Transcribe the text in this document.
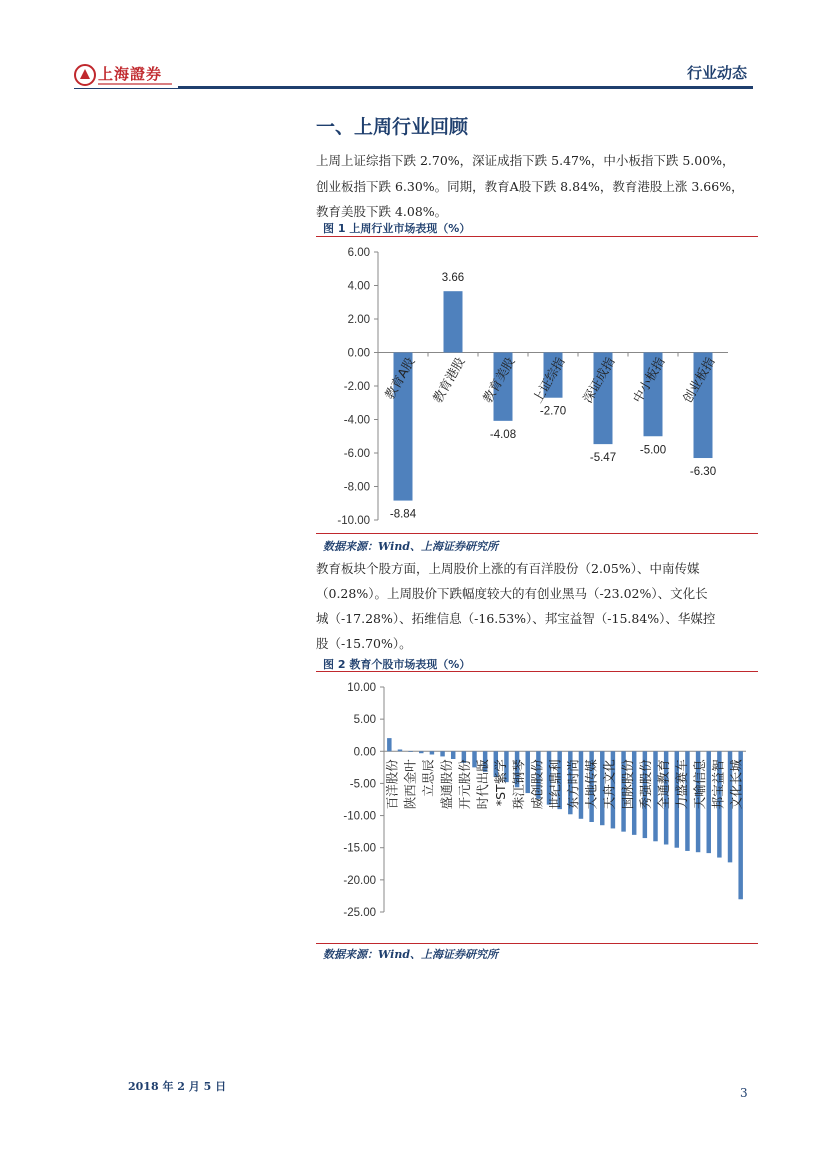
上海證券	行业动态
一、上周行业回顾
上周上证综指下跌 2.70%，深证成指下跌 5.47%，中小板指下跌 5.00%，
创业板指下跌 6.30%。同期，教育A股下跌 8.84%，教育港股上涨 3.66%，
教育美股下跌 4.08%。
图 1 上周行业市场表现（%）
6.00
4.00
2.00
0.00
-2.00
-4.00
-6.00
-8.00
-10.00
-8.84
教育A股
3.66
教育港股
-4.08
教育美股
-2.70
上证综指
-5.47
深证成指
-5.00
中小板指
-6.30
创业板指
数据来源：Wind、上海证券研究所
教育板块个股方面，上周股价上涨的有百洋股份（2.05%）、中南传媒
（0.28%）。上周股价下跌幅度较大的有创业黑马（-23.02%）、文化长
城（-17.28%）、拓维信息（-16.53%）、邦宝益智（-15.84%）、华媒控
股（-15.70%）。
图 2 教育个股市场表现（%）
10.00
5.00
0.00
-5.00
-10.00
-15.00
-20.00
-25.00
百洋股份 陕西金叶 立思辰 盛通股份 开元股份 时代出版 *ST紫学 珠江钢琴 威创股份 世纪鼎利 东方时尚 大地传媒 天舟文化 国脉股份 秀强股份 全通教育 力盛赛车 天喻信息 邦宝益智 文化长城
数据来源：Wind、上海证券研究所
2018 年 2 月 5 日	3
